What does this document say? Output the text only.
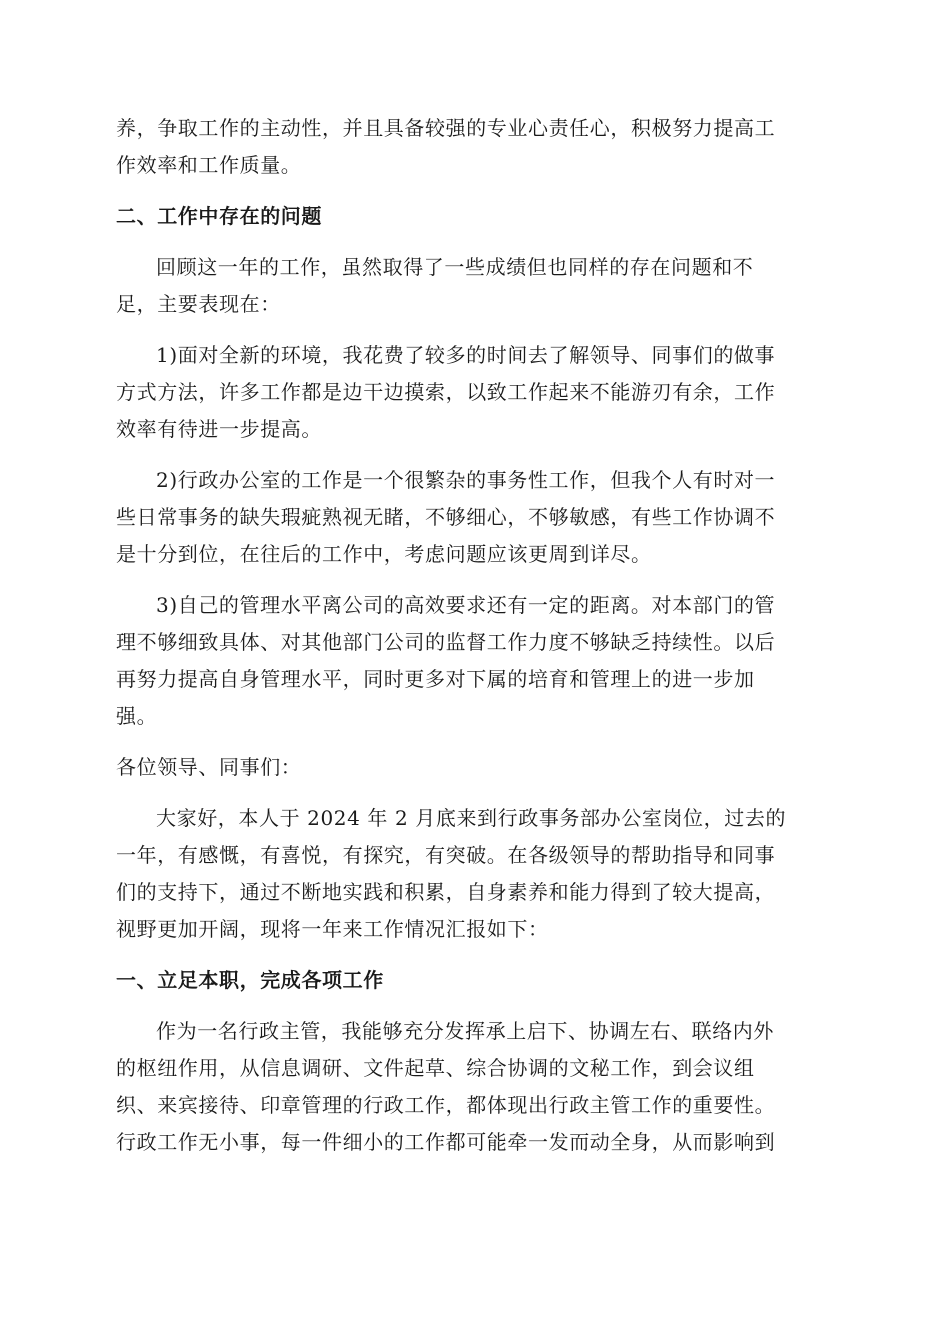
养，争取工作的主动性，并且具备较强的专业心责任心，积极努力提高工
作效率和工作质量。
二、工作中存在的问题
回顾这一年的工作，虽然取得了一些成绩但也同样的存在问题和不
足，主要表现在：
1)面对全新的环境，我花费了较多的时间去了解领导、同事们的做事
方式方法，许多工作都是边干边摸索，以致工作起来不能游刃有余，工作
效率有待进一步提高。
2)行政办公室的工作是一个很繁杂的事务性工作，但我个人有时对一
些日常事务的缺失瑕疵熟视无睹，不够细心，不够敏感，有些工作协调不
是十分到位，在往后的工作中，考虑问题应该更周到详尽。
3)自己的管理水平离公司的高效要求还有一定的距离。对本部门的管
理不够细致具体、对其他部门公司的监督工作力度不够缺乏持续性。以后
再努力提高自身管理水平，同时更多对下属的培育和管理上的进一步加
强。
各位领导、同事们：
大家好，本人于 2024 年 2 月底来到行政事务部办公室岗位，过去的
一年，有感慨，有喜悦，有探究，有突破。在各级领导的帮助指导和同事
们的支持下，通过不断地实践和积累，自身素养和能力得到了较大提高，
视野更加开阔，现将一年来工作情况汇报如下：
一、立足本职，完成各项工作
作为一名行政主管，我能够充分发挥承上启下、协调左右、联络内外
的枢纽作用，从信息调研、文件起草、综合协调的文秘工作，到会议组
织、来宾接待、印章管理的行政工作，都体现出行政主管工作的重要性。
行政工作无小事，每一件细小的工作都可能牵一发而动全身，从而影响到
